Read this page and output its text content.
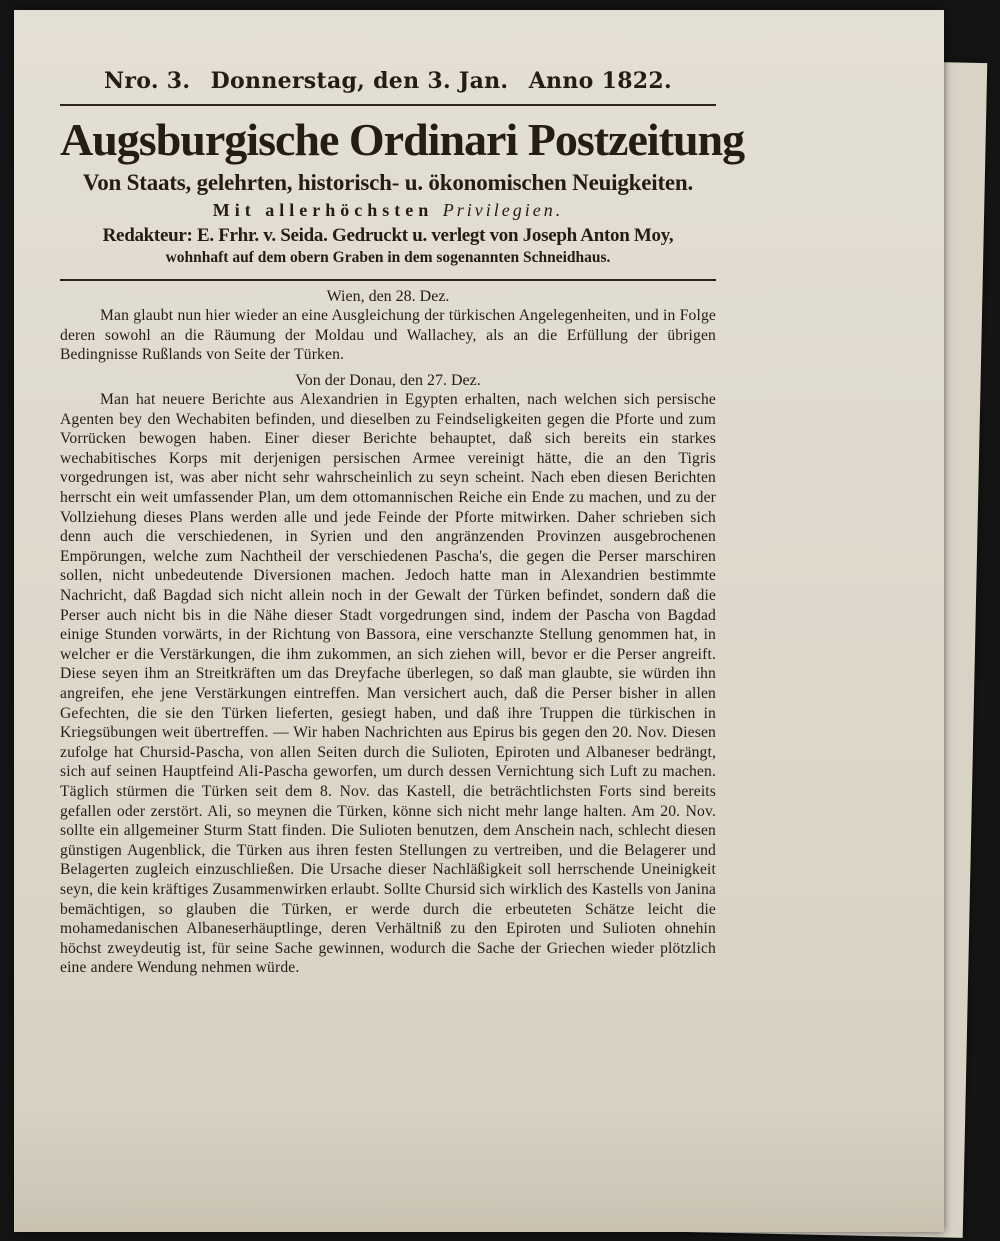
Nro. 3. Donnerstag, den 3. Jan. Anno 1822.
Augsburgische Ordinari Postzeitung
Von Staats, gelehrten, historisch- u. ökonomischen Neuigkeiten.
Mit allerhöchsten Privilegien.
Redakteur: E. Frhr. v. Seida. Gedruckt u. verlegt von Joseph Anton Moy,
wohnhaft auf dem obern Graben in dem sogenannten Schneidhaus.
Wien, den 28. Dez.

Man glaubt nun hier wieder an eine Ausgleichung der türkischen Angelegenheiten, und in Folge deren sowohl an die Räumung der Moldau und Wallachey, als an die Erfüllung der übrigen Bedingnisse Rußlands von Seite der Türken.

Von der Donau, den 27. Dez.

Man hat neuere Berichte aus Alexandrien in Egypten erhalten, nach welchen sich persische Agenten bey den Wechabiten befinden, und dieselben zu Feindseligkeiten gegen die Pforte und zum Vorrücken bewogen haben. Einer dieser Berichte behauptet, daß sich bereits ein starkes wechabitisches Korps mit derjenigen persischen Armee vereinigt hätte, die an den Tigris vorgedrungen ist, was aber nicht sehr wahrscheinlich zu seyn scheint. Nach eben diesen Berichten herrscht ein weit umfassender Plan, um dem ottomannischen Reiche ein Ende zu machen, und zu der Vollziehung dieses Plans werden alle und jede Feinde der Pforte mitwirken. Daher schrieben sich denn auch die verschiedenen, in Syrien und den angränzenden Provinzen ausgebrochenen Empörungen, welche zum Nachtheil der verschiedenen Pascha's, die gegen die Perser marschiren sollen, nicht unbedeutende Diversionen machen. Jedoch hatte man in Alexandrien bestimmte Nachricht, daß Bagdad sich nicht allein noch in der Gewalt der Türken befindet, sondern daß die Perser auch nicht bis in die Nähe dieser Stadt vorgedrungen sind, indem der Pascha von Bagdad einige Stunden vorwärts, in der Richtung von Bassora, eine verschanzte Stellung genommen hat, in welcher er die Verstärkungen, die ihm zukommen, an sich ziehen will, bevor er die Perser angreift. Diese seyen ihm an Streitkräften um das Dreyfache überlegen, so daß man glaubte, sie würden ihn angreifen, ehe jene Verstärkungen eintreffen. Man versichert auch, daß die Perser bisher in allen Gefechten, die sie den Türken lieferten, gesiegt haben, und daß ihre Truppen die türkischen in Kriegsübungen weit übertreffen. — Wir haben Nachrichten aus Epirus bis gegen den 20. Nov. Diesen zufolge hat Chursid-Pascha, von allen Seiten durch die Sulioten, Epiroten und Albaneser bedrängt, sich auf seinen Hauptfeind Ali-Pascha geworfen, um durch dessen Vernichtung sich Luft zu machen. Täglich stürmen die Türken seit dem 8. Nov. das Kastell, die beträchtlichsten Forts sind bereits gefallen oder zerstört. Ali, so meynen die Türken, könne sich nicht mehr lange halten. Am 20. Nov. sollte ein allgemeiner Sturm Statt finden. Die Sulioten benutzen, dem Anschein nach, schlecht diesen günstigen Augenblick, die Türken aus ihren festen Stellungen zu vertreiben, und die Belagerer und Belagerten zugleich einzuschließen. Die Ursache dieser Nachläßigkeit soll herrschende Uneinigkeit seyn, die kein kräftiges Zusammenwirken erlaubt. Sollte Chursid sich wirklich des Kastells von Janina bemächtigen, so glauben die Türken, er werde durch die erbeuteten Schätze leicht die mohamedanischen Albaneserhäuptlinge, deren Verhältniß zu den Epiroten und Sulioten ohnehin höchst zweydeutig ist, für seine Sache gewinnen, wodurch die Sache der Griechen wieder plötzlich eine andere Wendung nehmen würde.
